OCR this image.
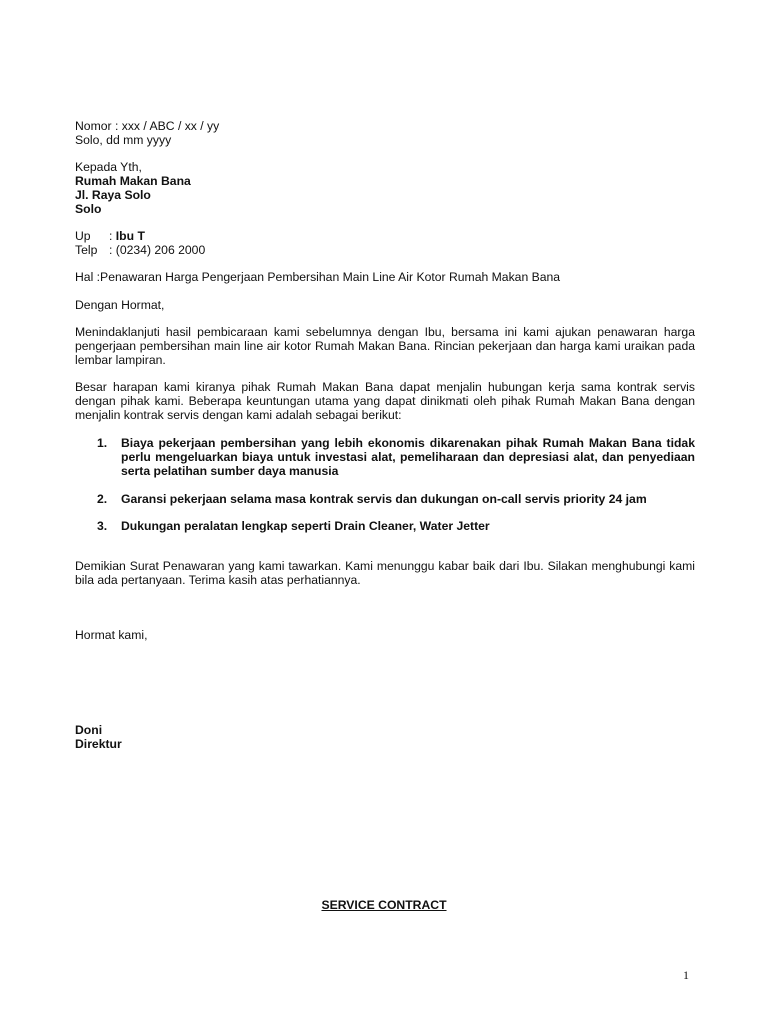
Nomor : xxx / ABC / xx / yy
Solo, dd mm yyyy
Kepada Yth,
Rumah Makan Bana
Jl. Raya Solo
Solo
Up : Ibu T
Telp : (0234) 206 2000
Hal :Penawaran Harga Pengerjaan Pembersihan Main Line Air Kotor Rumah Makan Bana
Dengan Hormat,

Menindaklanjuti hasil pembicaraan kami sebelumnya dengan Ibu, bersama ini kami ajukan penawaran harga pengerjaan pembersihan main line air kotor Rumah Makan Bana. Rincian pekerjaan dan harga kami uraikan pada lembar lampiran.

Besar harapan kami kiranya pihak Rumah Makan Bana dapat menjalin hubungan kerja sama kontrak servis dengan pihak kami. Beberapa keuntungan utama yang dapat dinikmati oleh pihak Rumah Makan Bana dengan menjalin kontrak servis dengan kami adalah sebagai berikut:

1. Biaya pekerjaan pembersihan yang lebih ekonomis dikarenakan pihak Rumah Makan Bana tidak perlu mengeluarkan biaya untuk investasi alat, pemeliharaan dan depresiasi alat, dan penyediaan serta pelatihan sumber daya manusia
2. Garansi pekerjaan selama masa kontrak servis dan dukungan on-call servis priority 24 jam
3. Dukungan peralatan lengkap seperti Drain Cleaner, Water Jetter

Demikian Surat Penawaran yang kami tawarkan. Kami menunggu kabar baik dari Ibu. Silakan menghubungi kami bila ada pertanyaan. Terima kasih atas perhatiannya.

Hormat kami,
Doni
Direktur
SERVICE CONTRACT
1
